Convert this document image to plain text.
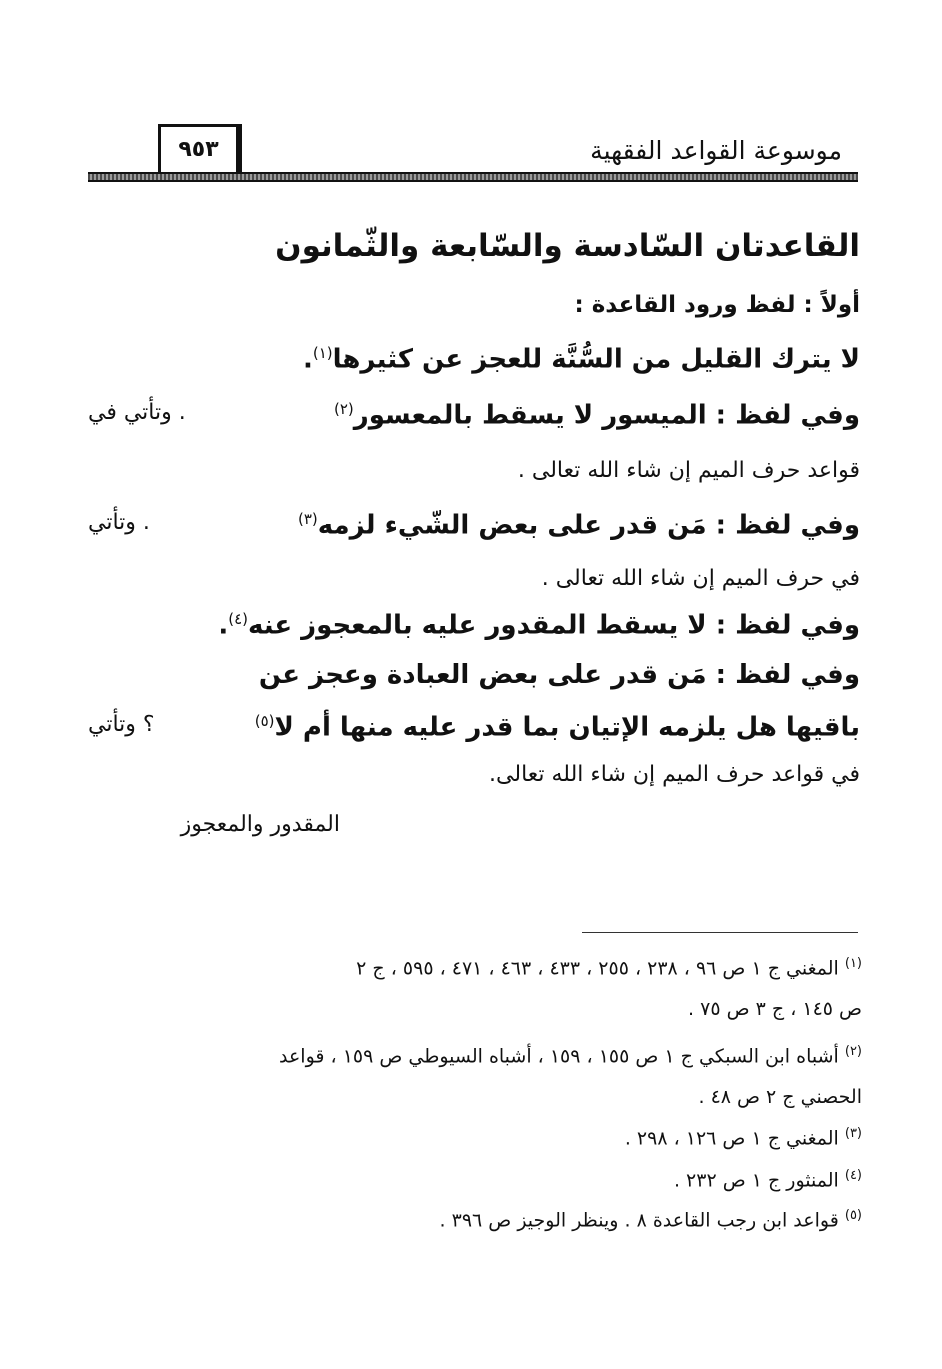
موسوعة القواعد الفقهية
٩٥٣
القاعدتان السّادسة والسّابعة والثّمانون
أولاً : لفظ ورود القاعدة :
لا يترك القليل من السُّنَّة للعجز عن كثيرها$^{(١)}$.
وفي لفظ : الميسور لا يسقط بالمعسور$^{(٢)}$
. وتأتي في
قواعد حرف الميم إن شاء الله تعالى .
وفي لفظ : مَن قدر على بعض الشّيء لزمه$^{(٣)}$
. وتأتي
في حرف الميم إن شاء الله تعالى .
وفي لفظ : لا يسقط المقدور عليه بالمعجوز عنه$^{(٤)}$.
وفي لفظ : مَن قدر على بعض العبادة وعجز عن
باقيها هل يلزمه الإتيان بما قدر عليه منها أم لا$^{(٥)}$
؟ وتأتي
في قواعد حرف الميم إن شاء الله تعالى.
المقدور والمعجوز
$^{(١)}$ المغني ج ١ ص ٩٦ ، ٢٣٨ ، ٢٥٥ ، ٤٣٣ ، ٤٦٣ ، ٤٧١ ، ٥٩٥ ، ج ٢
ص ١٤٥ ، ج ٣ ص ٧٥ .
$^{(٢)}$ أشباه ابن السبكي ج ١ ص ١٥٥ ، ١٥٩ ، أشباه السيوطي ص ١٥٩ ، قواعد
الحصني ج ٢ ص ٤٨ .
$^{(٣)}$ المغني ج ١ ص ١٢٦ ، ٢٩٨ .
$^{(٤)}$ المنثور ج ١ ص ٢٣٢ .
$^{(٥)}$ قواعد ابن رجب القاعدة ٨ . وينظر الوجيز ص ٣٩٦ .
